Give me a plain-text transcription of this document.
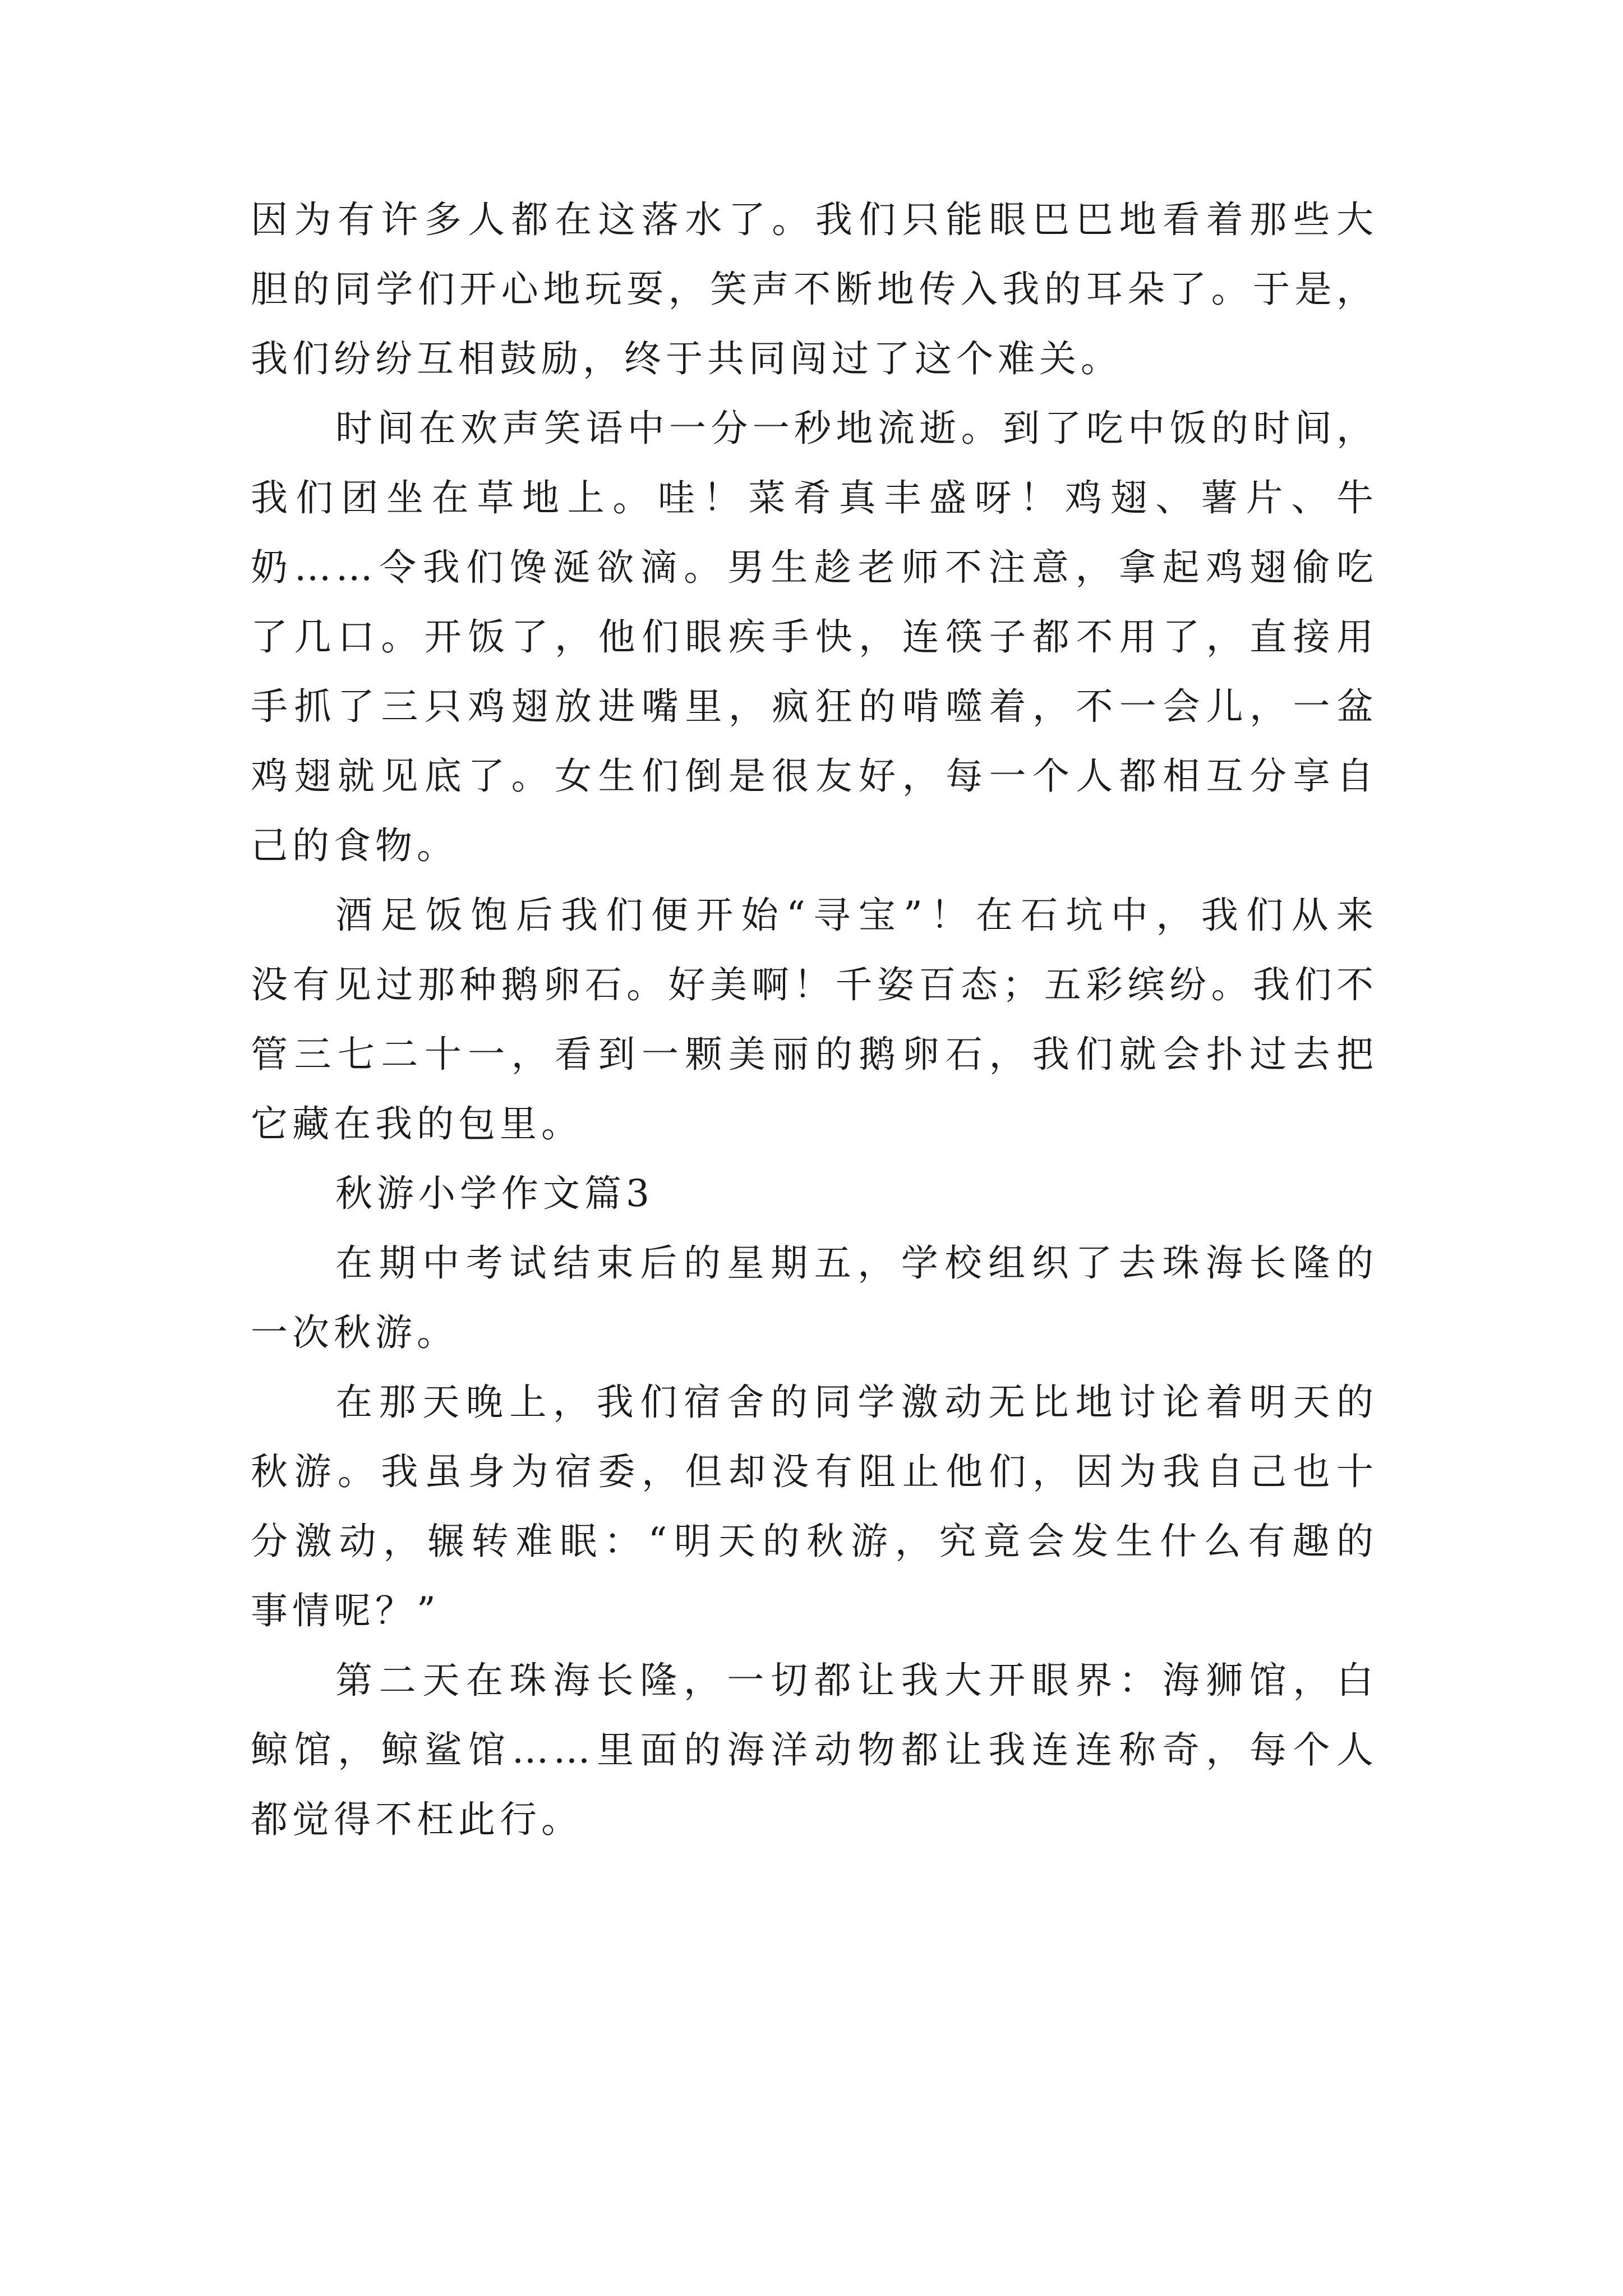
因为有许多人都在这落水了。我们只能眼巴巴地看着那些大
胆的同学们开心地玩耍，笑声不断地传入我的耳朵了。于是，
我们纷纷互相鼓励，终于共同闯过了这个难关。
时间在欢声笑语中一分一秒地流逝。到了吃中饭的时间，
我们团坐在草地上。哇！菜肴真丰盛呀！鸡翅、薯片、牛
奶……令我们馋涎欲滴。男生趁老师不注意，拿起鸡翅偷吃
了几口。开饭了，他们眼疾手快，连筷子都不用了，直接用
手抓了三只鸡翅放进嘴里，疯狂的啃噬着，不一会儿，一盆
鸡翅就见底了。女生们倒是很友好，每一个人都相互分享自
己的食物。
酒足饭饱后我们便开始“寻宝”！在石坑中，我们从来
没有见过那种鹅卵石。好美啊！千姿百态；五彩缤纷。我们不
管三七二十一，看到一颗美丽的鹅卵石，我们就会扑过去把
它藏在我的包里。
秋游小学作文篇3
在期中考试结束后的星期五，学校组织了去珠海长隆的
一次秋游。
在那天晚上，我们宿舍的同学激动无比地讨论着明天的
秋游。我虽身为宿委，但却没有阻止他们，因为我自己也十
分激动，辗转难眠：“明天的秋游，究竟会发生什么有趣的
事情呢？”
第二天在珠海长隆，一切都让我大开眼界：海狮馆，白
鲸馆，鲸鲨馆……里面的海洋动物都让我连连称奇，每个人
都觉得不枉此行。
